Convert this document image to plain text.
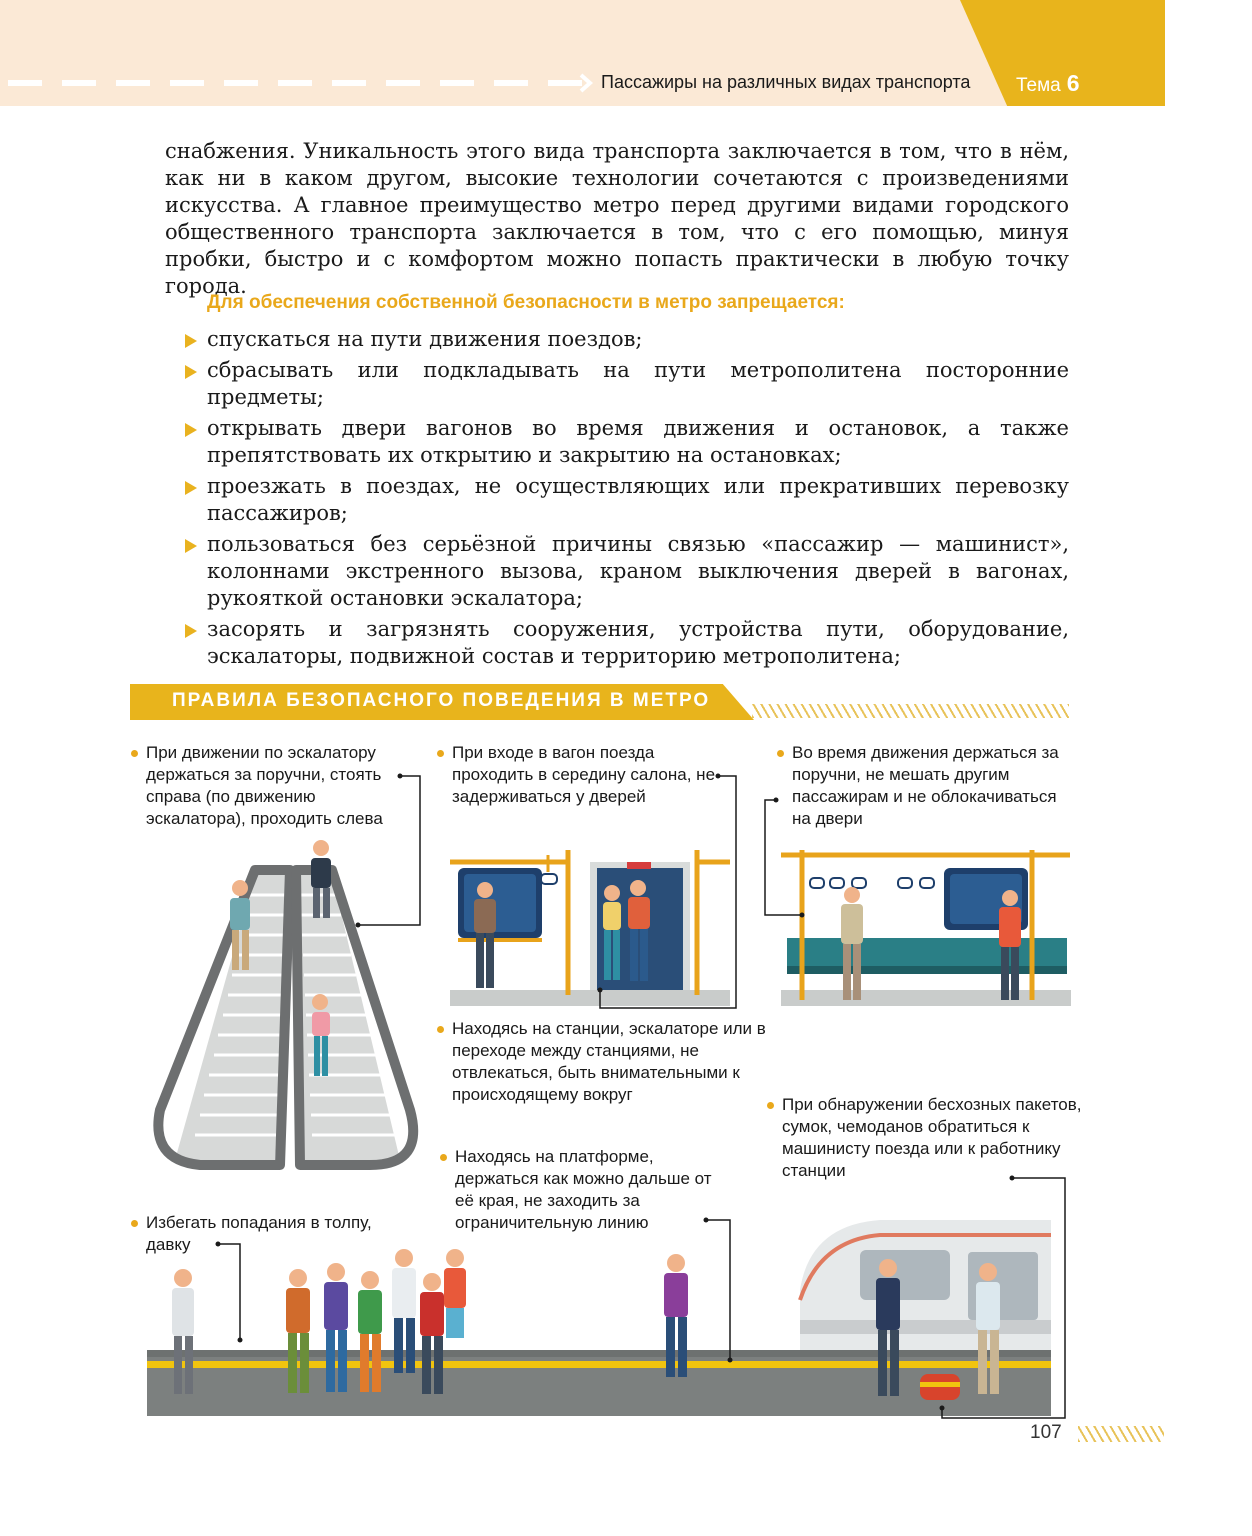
Пассажиры на различных видах транспорта Тема 6

снабжения. Уникальность этого вида транспорта заключается в том, что в нём, как ни в каком другом, высокие технологии сочетаются с произведениями искусства. А главное преимущество метро перед другими видами городского общественного транспорта заключается в том, что с его помощью, минуя пробки, быстро и с комфортом можно попасть практически в любую точку города.

Для обеспечения собственной безопасности в метро запрещается:
спускаться на пути движения поездов;
сбрасывать или подкладывать на пути метрополитена посторонние предметы;
открывать двери вагонов во время движения и остановок, а также препятствовать их открытию и закрытию на остановках;
проезжать в поездах, не осуществляющих или прекративших перевозку пассажиров;
пользоваться без серьёзной причины связью «пассажир — машинист», колоннами экстренного вызова, краном выключения дверей в вагонах, рукояткой остановки эскалатора;
засорять и загрязнять сооружения, устройства пути, оборудование, эскалаторы, подвижной состав и территорию метрополитена;
ПРАВИЛА БЕЗОПАСНОГО ПОВЕДЕНИЯ В МЕТРО
При движении по эскалатору держаться за поручни, стоять справа (по движению эскалатора), проходить слева
При входе в вагон поезда проходить в середину салона, не задерживаться у дверей
Во время движения держаться за поручни, не мешать другим пассажирам и не облокачиваться на двери
Находясь на станции, эскалаторе или в переходе между станциями, не отвлекаться, быть внимательными к происходящему вокруг
При обнаружении бесхозных пакетов, сумок, чемоданов обратиться к машинисту поезда или к работнику станции
Находясь на платформе, держаться как можно дальше от её края, не заходить за ограничительную линию
Избегать попадания в толпу, давку
107
